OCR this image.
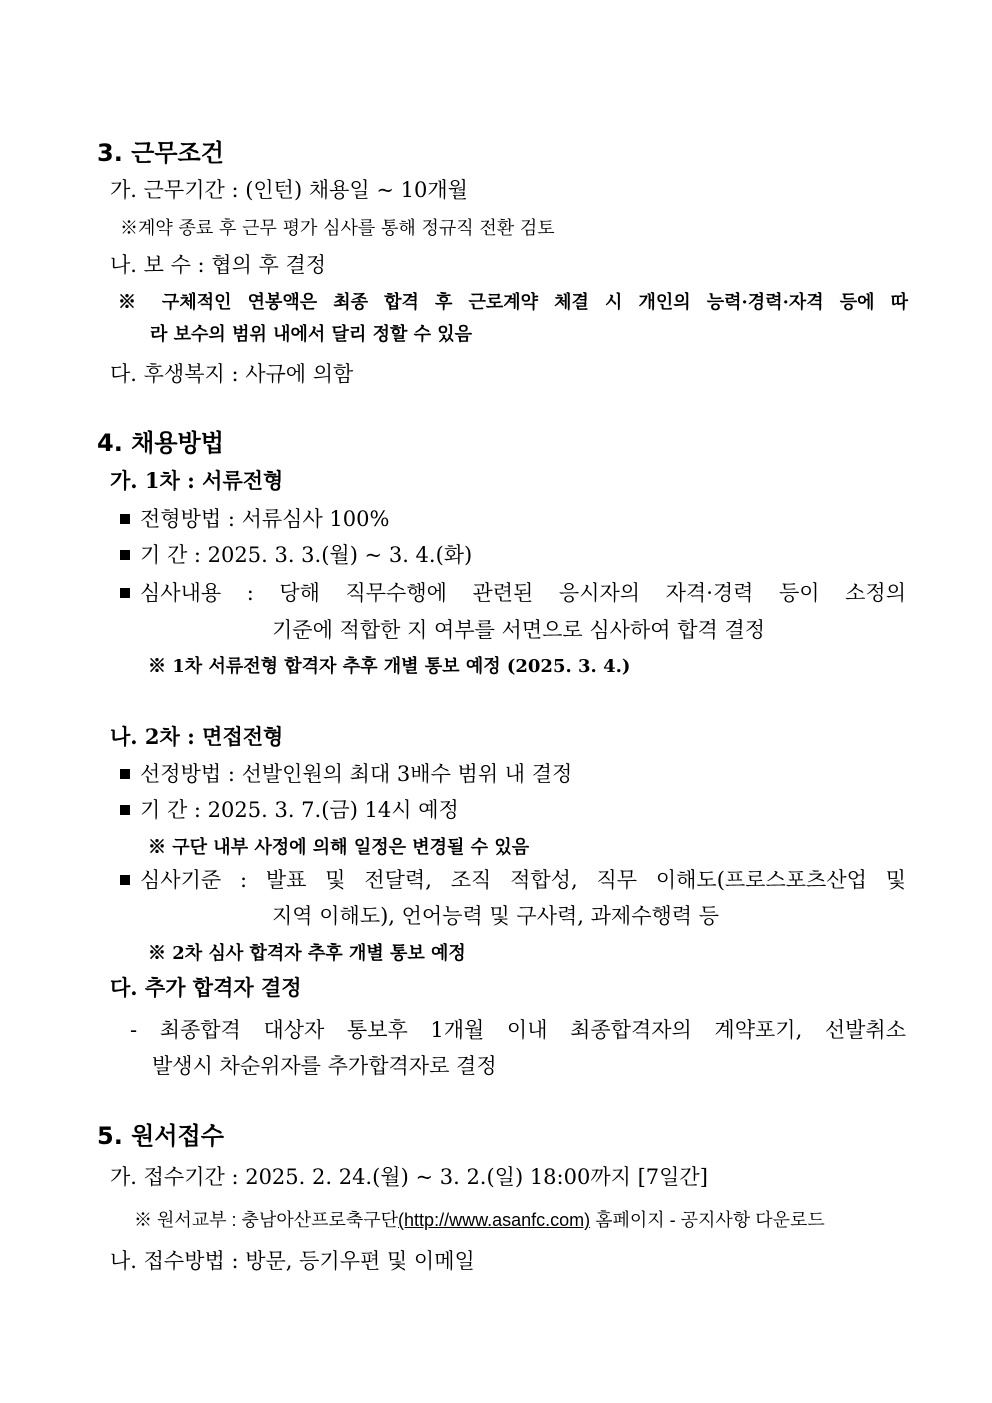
3. 근무조건
가. 근무기간 : (인턴) 채용일 ~ 10개월
※계약 종료 후 근무 평가 심사를 통해 정규직 전환 검토
나. 보 수 : 협의 후 결정
※ 구체적인 연봉액은 최종 합격 후 근로계약 체결 시 개인의 능력·경력·자격 등에 따
라 보수의 범위 내에서 달리 정할 수 있음
다. 후생복지 : 사규에 의함
4. 채용방법
가. 1차 : 서류전형
전형방법 : 서류심사 100%
기 간 : 2025. 3. 3.(월) ~ 3. 4.(화)
심사내용 : 당해 직무수행에 관련된 응시자의 자격·경력 등이 소정의
기준에 적합한 지 여부를 서면으로 심사하여 합격 결정
※ 1차 서류전형 합격자 추후 개별 통보 예정 (2025. 3. 4.)
나. 2차 : 면접전형
선정방법 : 선발인원의 최대 3배수 범위 내 결정
기 간 : 2025. 3. 7.(금) 14시 예정
※ 구단 내부 사정에 의해 일정은 변경될 수 있음
심사기준 : 발표 및 전달력, 조직 적합성, 직무 이해도(프로스포츠산업 및
지역 이해도), 언어능력 및 구사력, 과제수행력 등
※ 2차 심사 합격자 추후 개별 통보 예정
다. 추가 합격자 결정
- 최종합격 대상자 통보후 1개월 이내 최종합격자의 계약포기, 선발취소
발생시 차순위자를 추가합격자로 결정
5. 원서접수
가. 접수기간 : 2025. 2. 24.(월) ~ 3. 2.(일) 18:00까지 [7일간]
※ 원서교부 : 충남아산프로축구단(http://www.asanfc.com) 홈페이지 - 공지사항 다운로드
나. 접수방법 : 방문, 등기우편 및 이메일
